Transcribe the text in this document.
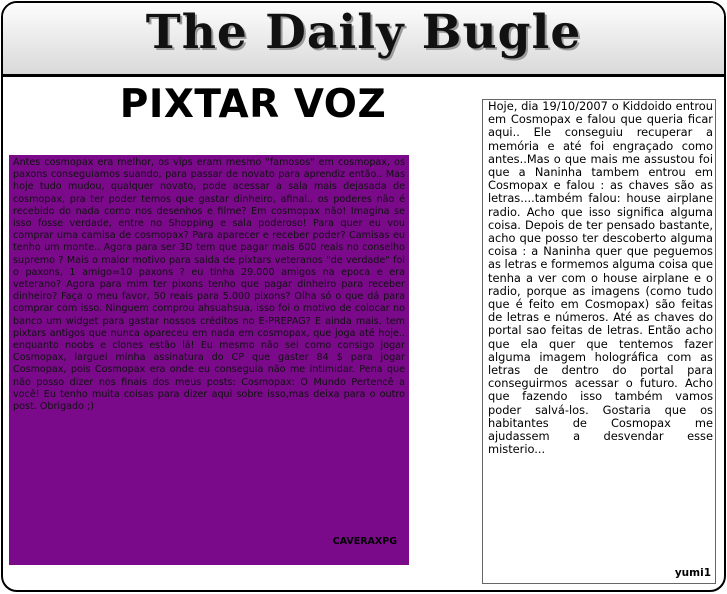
The Daily Bugle
PIXTAR VOZ

Antes cosmopax era melhor, os vips eram mesmo "famosos" em cosmopax, os paxons conseguiamos suando, para passar de novato para aprendiz então.. Mas hoje tudo mudou, qualquer novato, pode acessar a sala mais dejasada de cosmopax, pra ter poder temos que gastar dinheiro, afinal.. os poderes não é recebido do nada como nos desenhos e filme? Em cosmopax não! Imagina se isso fosse verdade, entre no Shopping e sala poderoso! Para quer eu vou comprar uma camisa de cosmopax? Para aparecer e receber poder? Camisas eu tenho um monte.. Agora para ser 3D tem que pagar mais 600 reais no conselho supremo ? Mais o maior motivo para saida de pixtars veteranos "de verdade" foi o paxons, 1 amigo=10 paxons ? eu tinha 29.000 amigos na epoca e era veterano? Agora para mim ter pixons tenho que pagar dinheiro para receber dinheiro? Faça o meu favor, 50 reais para 5.000 pixons? Olha só o que dá para comprar com isso. Ninguem comprou ahsuahsua, isso foi o motivo de colocar no banco um widget para gastar nossos créditos no E-PREPAG? E ainda mais, tem pixtars antigos que nunca apareceu em nada em cosmopax, que joga até hoje.. enquanto noobs e clones estão lá! Eu mesmo não sei como consigo jogar Cosmopax, larguei minha assinatura do CP que gaster 84 $ para jogar Cosmopax, pois Cosmopax era onde eu conseguia não me intimidar. Pena que não posso dizer nos finais dos meus posts: Cosmopax: O Mundo Pertencê a você! Eu tenho muita coisas para dizer aqui sobre isso,mas deixa para o outro post. Obrigado ;)

CAVERAXPG

Hoje, dia 19/10/2007 o Kiddoido entrou em Cosmopax e falou que queria ficar aqui.. Ele conseguiu recuperar a memória e até foi engraçado como antes..Mas o que mais me assustou foi que a Naninha tambem entrou em Cosmopax e falou : as chaves são as letras....também falou: house airplane radio. Acho que isso significa alguma coisa. Depois de ter pensado bastante, acho que posso ter descoberto alguma coisa : a Naninha quer que peguemos as letras e formemos alguma coisa que tenha a ver com o house airplane e o radio, porque as imagens (como tudo que é feito em Cosmopax) são feitas de letras e números. Até as chaves do portal sao feitas de letras. Então acho que ela quer que tentemos fazer alguma imagem holográfica com as letras de dentro do portal para conseguirmos acessar o futuro. Acho que fazendo isso também vamos poder salvá-los. Gostaria que os habitantes de Cosmopax me ajudassem a desvendar esse misterio...

yumi1
